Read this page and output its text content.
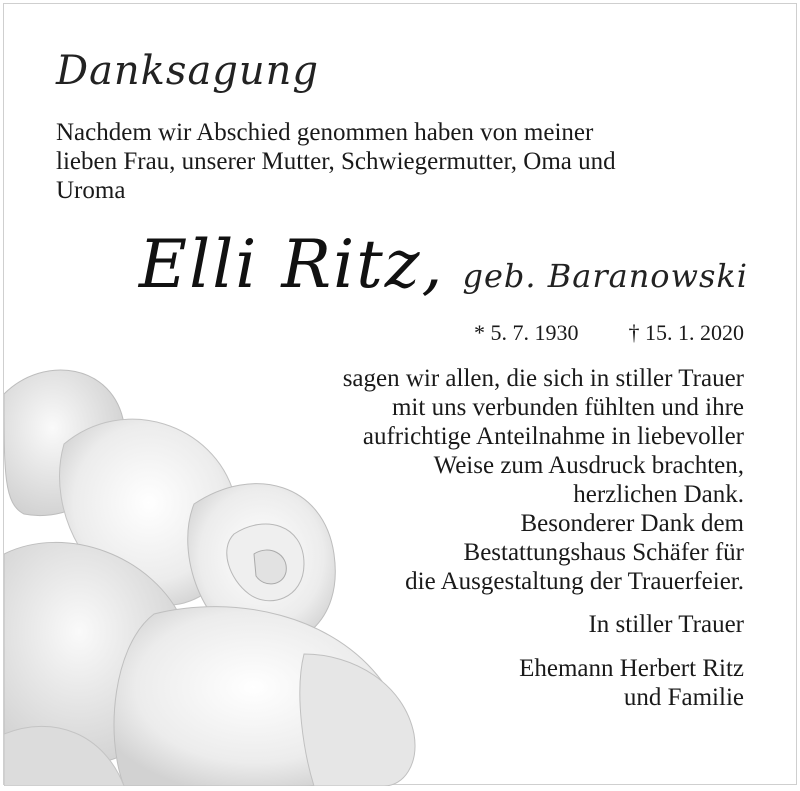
Danksagung
Nachdem wir Abschied genommen haben von meiner
lieben Frau, unserer Mutter, Schwiegermutter, Oma und
Uroma
Elli Ritz, geb. Baranowski
* 5. 7. 1930 † 15. 1. 2020
sagen wir allen, die sich in stiller Trauer
mit uns verbunden fühlten und ihre
aufrichtige Anteilnahme in liebevoller
Weise zum Ausdruck brachten,
herzlichen Dank.
Besonderer Dank dem
Bestattungshaus Schäfer für
die Ausgestaltung der Trauerfeier.
In stiller Trauer
Ehemann Herbert Ritz
und Familie
